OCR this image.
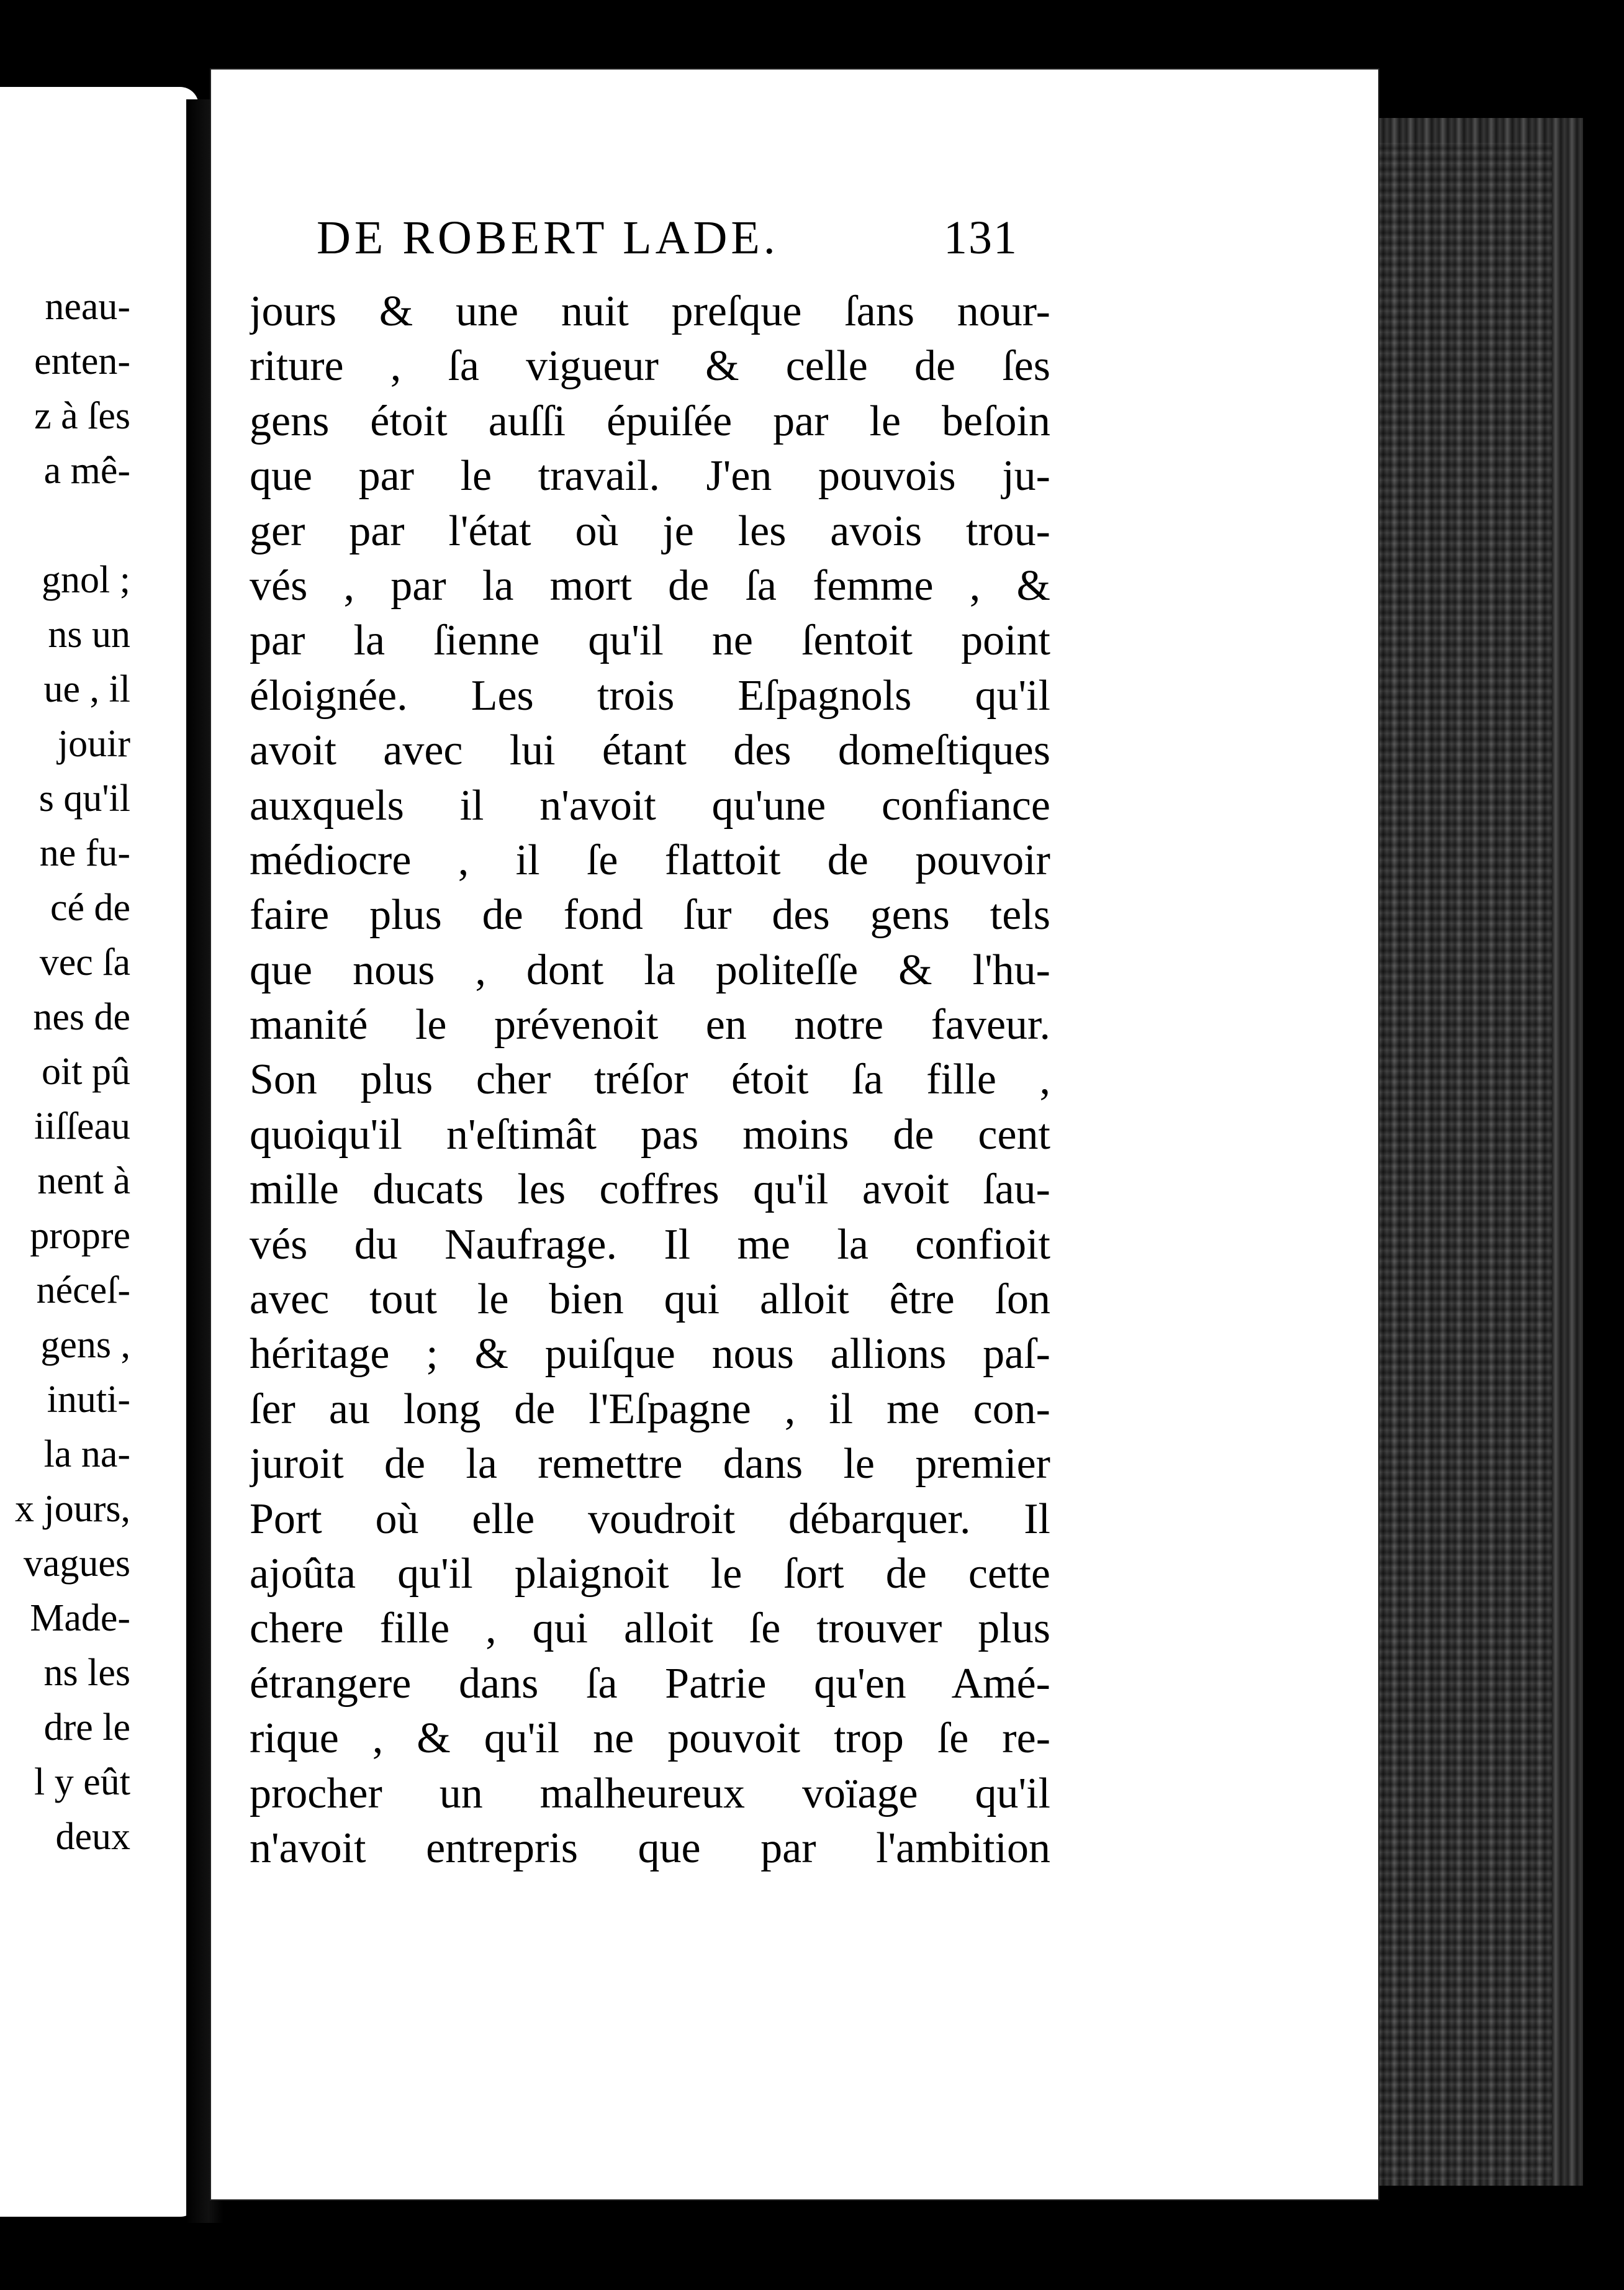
neau-
enten-
z à ſes
a mê-
gnol ;
ns un
ue , il
jouir
s qu'il
ne fu-
cé de
vec ſa
nes de
oit pû
iiſſeau
nent à
propre
néceſ-
gens ,
inuti-
la na-
x jours,
vagues
Made-
ns les
dre le
l y eût
deux
DE ROBERT LADE.	131
jours & une nuit preſque ſans nour-
riture , ſa vigueur & celle de ſes
gens étoit auſſi épuiſée par le beſoin
que par le travail. J'en pouvois ju-
ger par l'état où je les avois trou-
vés , par la mort de ſa femme , &
par la ſienne qu'il ne ſentoit point
éloignée. Les trois Eſpagnols qu'il
avoit avec lui étant des domeſtiques
auxquels il n'avoit qu'une confiance
médiocre , il ſe flattoit de pouvoir
faire plus de fond ſur des gens tels
que nous , dont la politeſſe & l'hu-
manité le prévenoit en notre faveur.
Son plus cher tréſor étoit ſa fille ,
quoiqu'il n'eſtimât pas moins de cent
mille ducats les coffres qu'il avoit ſau-
vés du Naufrage. Il me la confioit
avec tout le bien qui alloit être ſon
héritage ; & puiſque nous allions paſ-
ſer au long de l'Eſpagne , il me con-
juroit de la remettre dans le premier
Port où elle voudroit débarquer. Il
ajoûta qu'il plaignoit le ſort de cette
chere fille , qui alloit ſe trouver plus
étrangere dans ſa Patrie qu'en Amé-
rique , & qu'il ne pouvoit trop ſe re-
procher un malheureux voïage qu'il
n'avoit entrepris que par l'ambition
